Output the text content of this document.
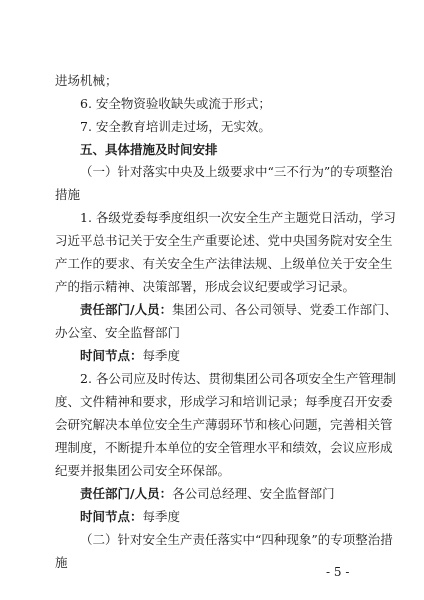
进场机械；
6. 安全物资验收缺失或流于形式；
7. 安全教育培训走过场，无实效。
五、具体措施及时间安排
（一）针对落实中央及上级要求中“三不行为”的专项整治
措施
1. 各级党委每季度组织一次安全生产主题党日活动，学习
习近平总书记关于安全生产重要论述、党中央国务院对安全生
产工作的要求、有关安全生产法律法规、上级单位关于安全生
产的指示精神、决策部署，形成会议纪要或学习记录。
责任部门/人员：集团公司、各公司领导、党委工作部门、
办公室、安全监督部门
时间节点：每季度
2. 各公司应及时传达、贯彻集团公司各项安全生产管理制
度、文件精神和要求，形成学习和培训记录；每季度召开安委
会研究解决本单位安全生产薄弱环节和核心问题，完善相关管
理制度，不断提升本单位的安全管理水平和绩效，会议应形成
纪要并报集团公司安全环保部。
责任部门/人员：各公司总经理、安全监督部门
时间节点：每季度
（二）针对安全生产责任落实中“四种现象”的专项整治措
施
- 5 -
